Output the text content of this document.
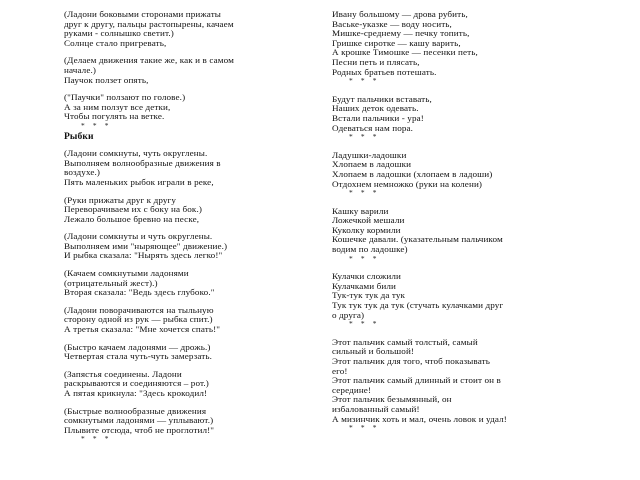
(Ладони боковыми сторонами прижаты
друг к другу, пальцы растопырены, качаем
руками - солнышко светит.)
Солнце стало пригревать,
(Делаем движения такие же, как и в самом
начале.)
Паучок ползет опять,
("Паучки" ползают по голове.)
А за ним ползут все детки,
Чтобы погулять на ветке.
* * *
Рыбки
(Ладони сомкнуты, чуть округлены.
Выполняем волнообразные движения в
воздухе.)
Пять маленьких рыбок играли в реке,
(Руки прижаты друг к другу
Переворачиваем их с боку на бок.)
Лежало большое бревно на песке,
(Ладони сомкнуты и чуть округлены.
Выполняем ими "ныряющее" движение.)
И рыбка сказала: "Нырять здесь легко!"
(Качаем сомкнутыми ладонями
(отрицательный жест).)
Вторая сказала: "Ведь здесь глубоко."
(Ладони поворачиваются на тыльную
сторону одной из рук — рыбка спит.)
А третья сказала: "Мне хочется спать!"
(Быстро качаем ладонями — дрожь.)
Четвертая стала чуть-чуть замерзать.
(Запястья соединены. Ладони
раскрываются и соединяются – рот.)
А пятая крикнула: "Здесь крокодил!
(Быстрые волнообразные движения
сомкнутыми ладонями — уплывают.)
Плывите отсюда, чтоб не проглотил!"
* * *
Ивану большому — дрова рубить,
Ваське-указке — воду носить,
Мишке-среднему — печку топить,
Гришке сиротке — кашу варить,
А крошке Тимошке — песенки петь,
Песни петь и плясать,
Родных братьев потешать.
* * *
Будут пальчики вставать,
Наших деток одевать.
Встали пальчики - ура!
Одеваться нам пора.
* * *
Ладушки-ладошки
Хлопаем в ладошки
Хлопаем в ладошки (хлопаем в ладоши)
Отдохнем немножко (руки на колени)
* * *
Кашку варили
Ложечкой мешали
Куколку кормили
Кошечке давали. (указательным пальчиком
водим по ладошке)
* * *
Кулачки сложили
Кулачками били
Тук-тук тук да тук
Тук тук тук да тук (стучать кулачками друг
о друга)
* * *
Этот пальчик самый толстый, самый
сильный и большой!
Этот пальчик для того, чтоб показывать
его!
Этот пальчик самый длинный и стоит он в
середине!
Этот пальчик безымянный, он
избалованный самый!
А мизинчик хоть и мал, очень ловок и удал!
* * *
